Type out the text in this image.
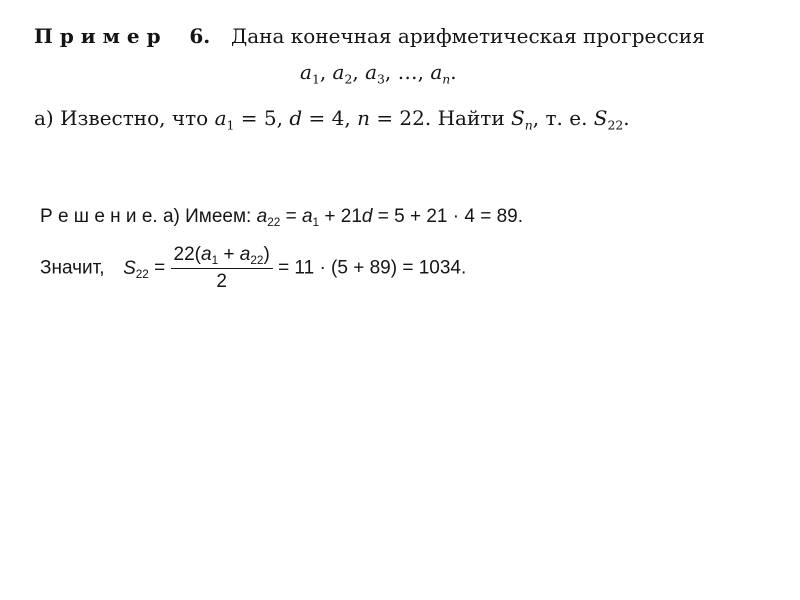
П р и м е р 6. Дана конечная арифметическая прогрессия
$a_1$, $a_2$, $a_3$, …, $a_n$.
а) Известно, что $a_1 = 5$, d = 4, n = 22. Найти $S_n$, т. е. $S_{22}$.
Р е ш е н и е. а) Имеем: $a_{22} = a_1 + 21d = 5 + 21 \cdot 4 = 89$.
Значит, $S_{22} = \frac{22(a_1 + a_{22})}{2} = 11 \cdot (5 + 89) = 1034$.
